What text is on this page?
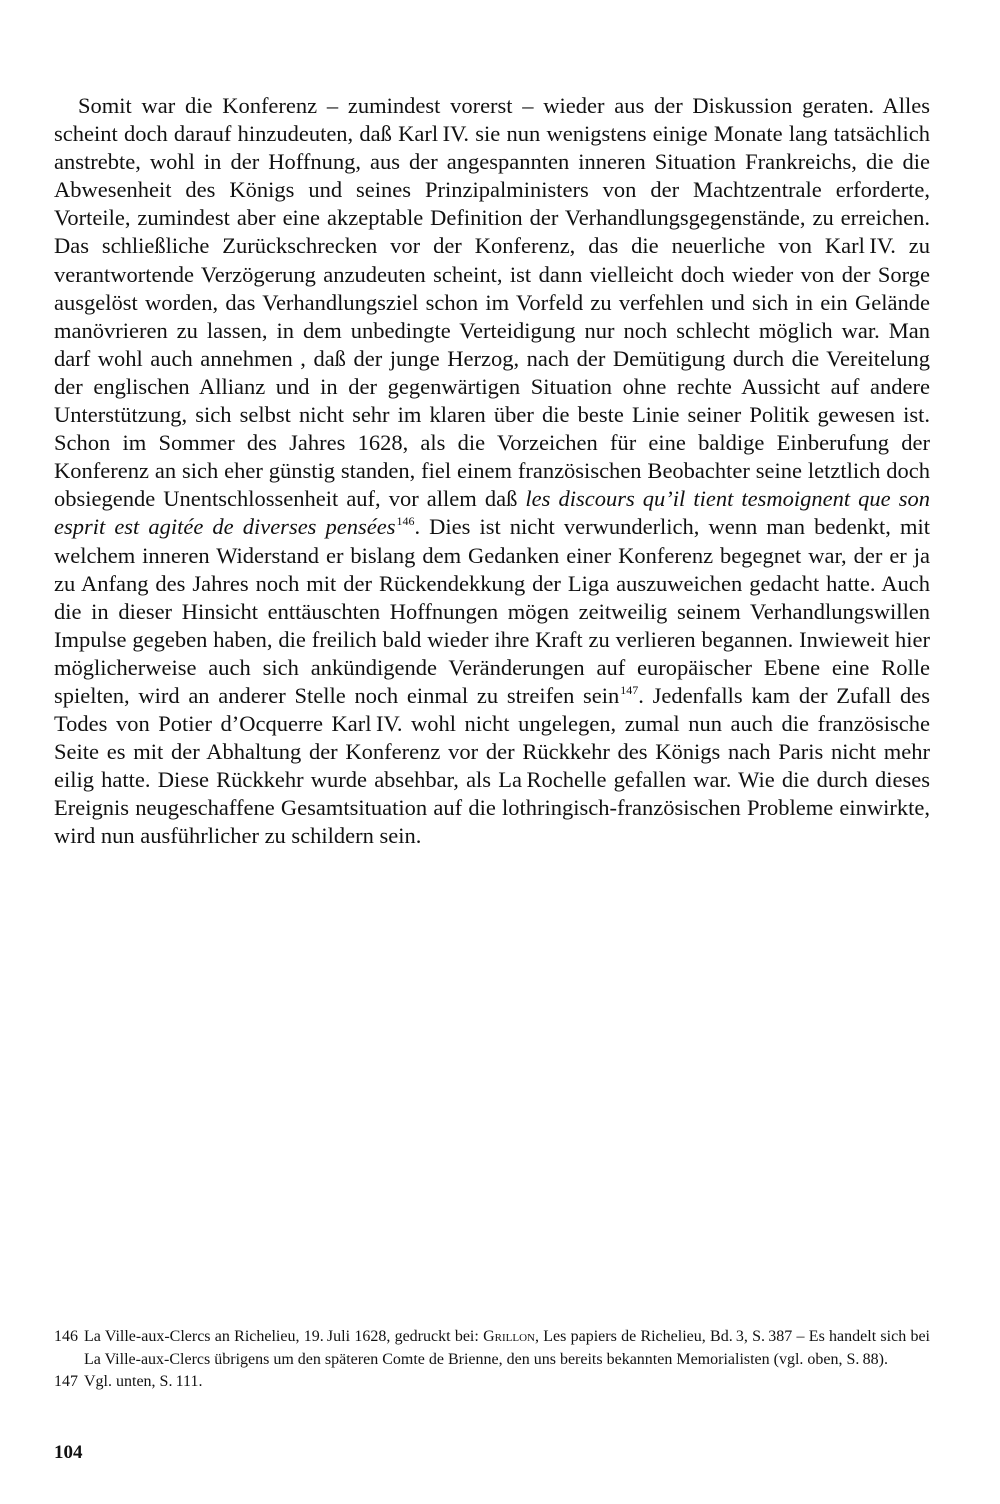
Somit war die Konferenz – zumindest vorerst – wieder aus der Diskussion geraten. Alles scheint doch darauf hinzudeuten, daß Karl IV. sie nun wenigstens einige Monate lang tatsächlich anstrebte, wohl in der Hoffnung, aus der angespannten inneren Situation Frankreichs, die die Abwesenheit des Königs und seines Prinzipalministers von der Machtzentrale erforderte, Vorteile, zumindest aber eine akzeptable Definition der Verhandlungsgegenstände, zu erreichen. Das schließliche Zurückschrecken vor der Konferenz, das die neuerliche von Karl IV. zu verantwortende Verzögerung anzudeuten scheint, ist dann vielleicht doch wieder von der Sorge ausgelöst worden, das Verhandlungsziel schon im Vorfeld zu verfehlen und sich in ein Gelände manövrieren zu lassen, in dem unbedingte Verteidigung nur noch schlecht möglich war. Man darf wohl auch annehmen , daß der junge Herzog, nach der Demütigung durch die Vereitelung der englischen Allianz und in der gegenwärtigen Situation ohne rechte Aussicht auf andere Unterstützung, sich selbst nicht sehr im klaren über die beste Linie seiner Politik gewesen ist. Schon im Sommer des Jahres 1628, als die Vorzeichen für eine baldige Einberufung der Konferenz an sich eher günstig standen, fiel einem französischen Beobachter seine letztlich doch obsiegende Unentschlossenheit auf, vor allem daß les discours qu’il tient tesmoignent que son esprit est agitée de diverses pensées$^{146}$. Dies ist nicht verwunderlich, wenn man bedenkt, mit welchem inneren Widerstand er bislang dem Gedanken einer Konferenz begegnet war, der er ja zu Anfang des Jahres noch mit der Rückendekkung der Liga auszuweichen gedacht hatte. Auch die in dieser Hinsicht enttäuschten Hoffnungen mögen zeitweilig seinem Verhandlungswillen Impulse gegeben haben, die freilich bald wieder ihre Kraft zu verlieren begannen. Inwieweit hier möglicherweise auch sich ankündigende Veränderungen auf europäischer Ebene eine Rolle spielten, wird an anderer Stelle noch einmal zu streifen sein$^{147}$. Jedenfalls kam der Zufall des Todes von Potier d’Ocquerre Karl IV. wohl nicht ungelegen, zumal nun auch die französische Seite es mit der Abhaltung der Konferenz vor der Rückkehr des Königs nach Paris nicht mehr eilig hatte. Diese Rückkehr wurde absehbar, als La Rochelle gefallen war. Wie die durch dieses Ereignis neugeschaffene Gesamtsituation auf die lothringisch-französischen Probleme einwirkte, wird nun ausführlicher zu schildern sein.

146 La Ville-aux-Clercs an Richelieu, 19. Juli 1628, gedruckt bei: Grillon, Les papiers de Richelieu, Bd. 3, S. 387 – Es handelt sich bei La Ville-aux-Clercs übrigens um den späteren Comte de Brienne, den uns bereits bekannten Memorialisten (vgl. oben, S. 88).
147 Vgl. unten, S. 111.
104
